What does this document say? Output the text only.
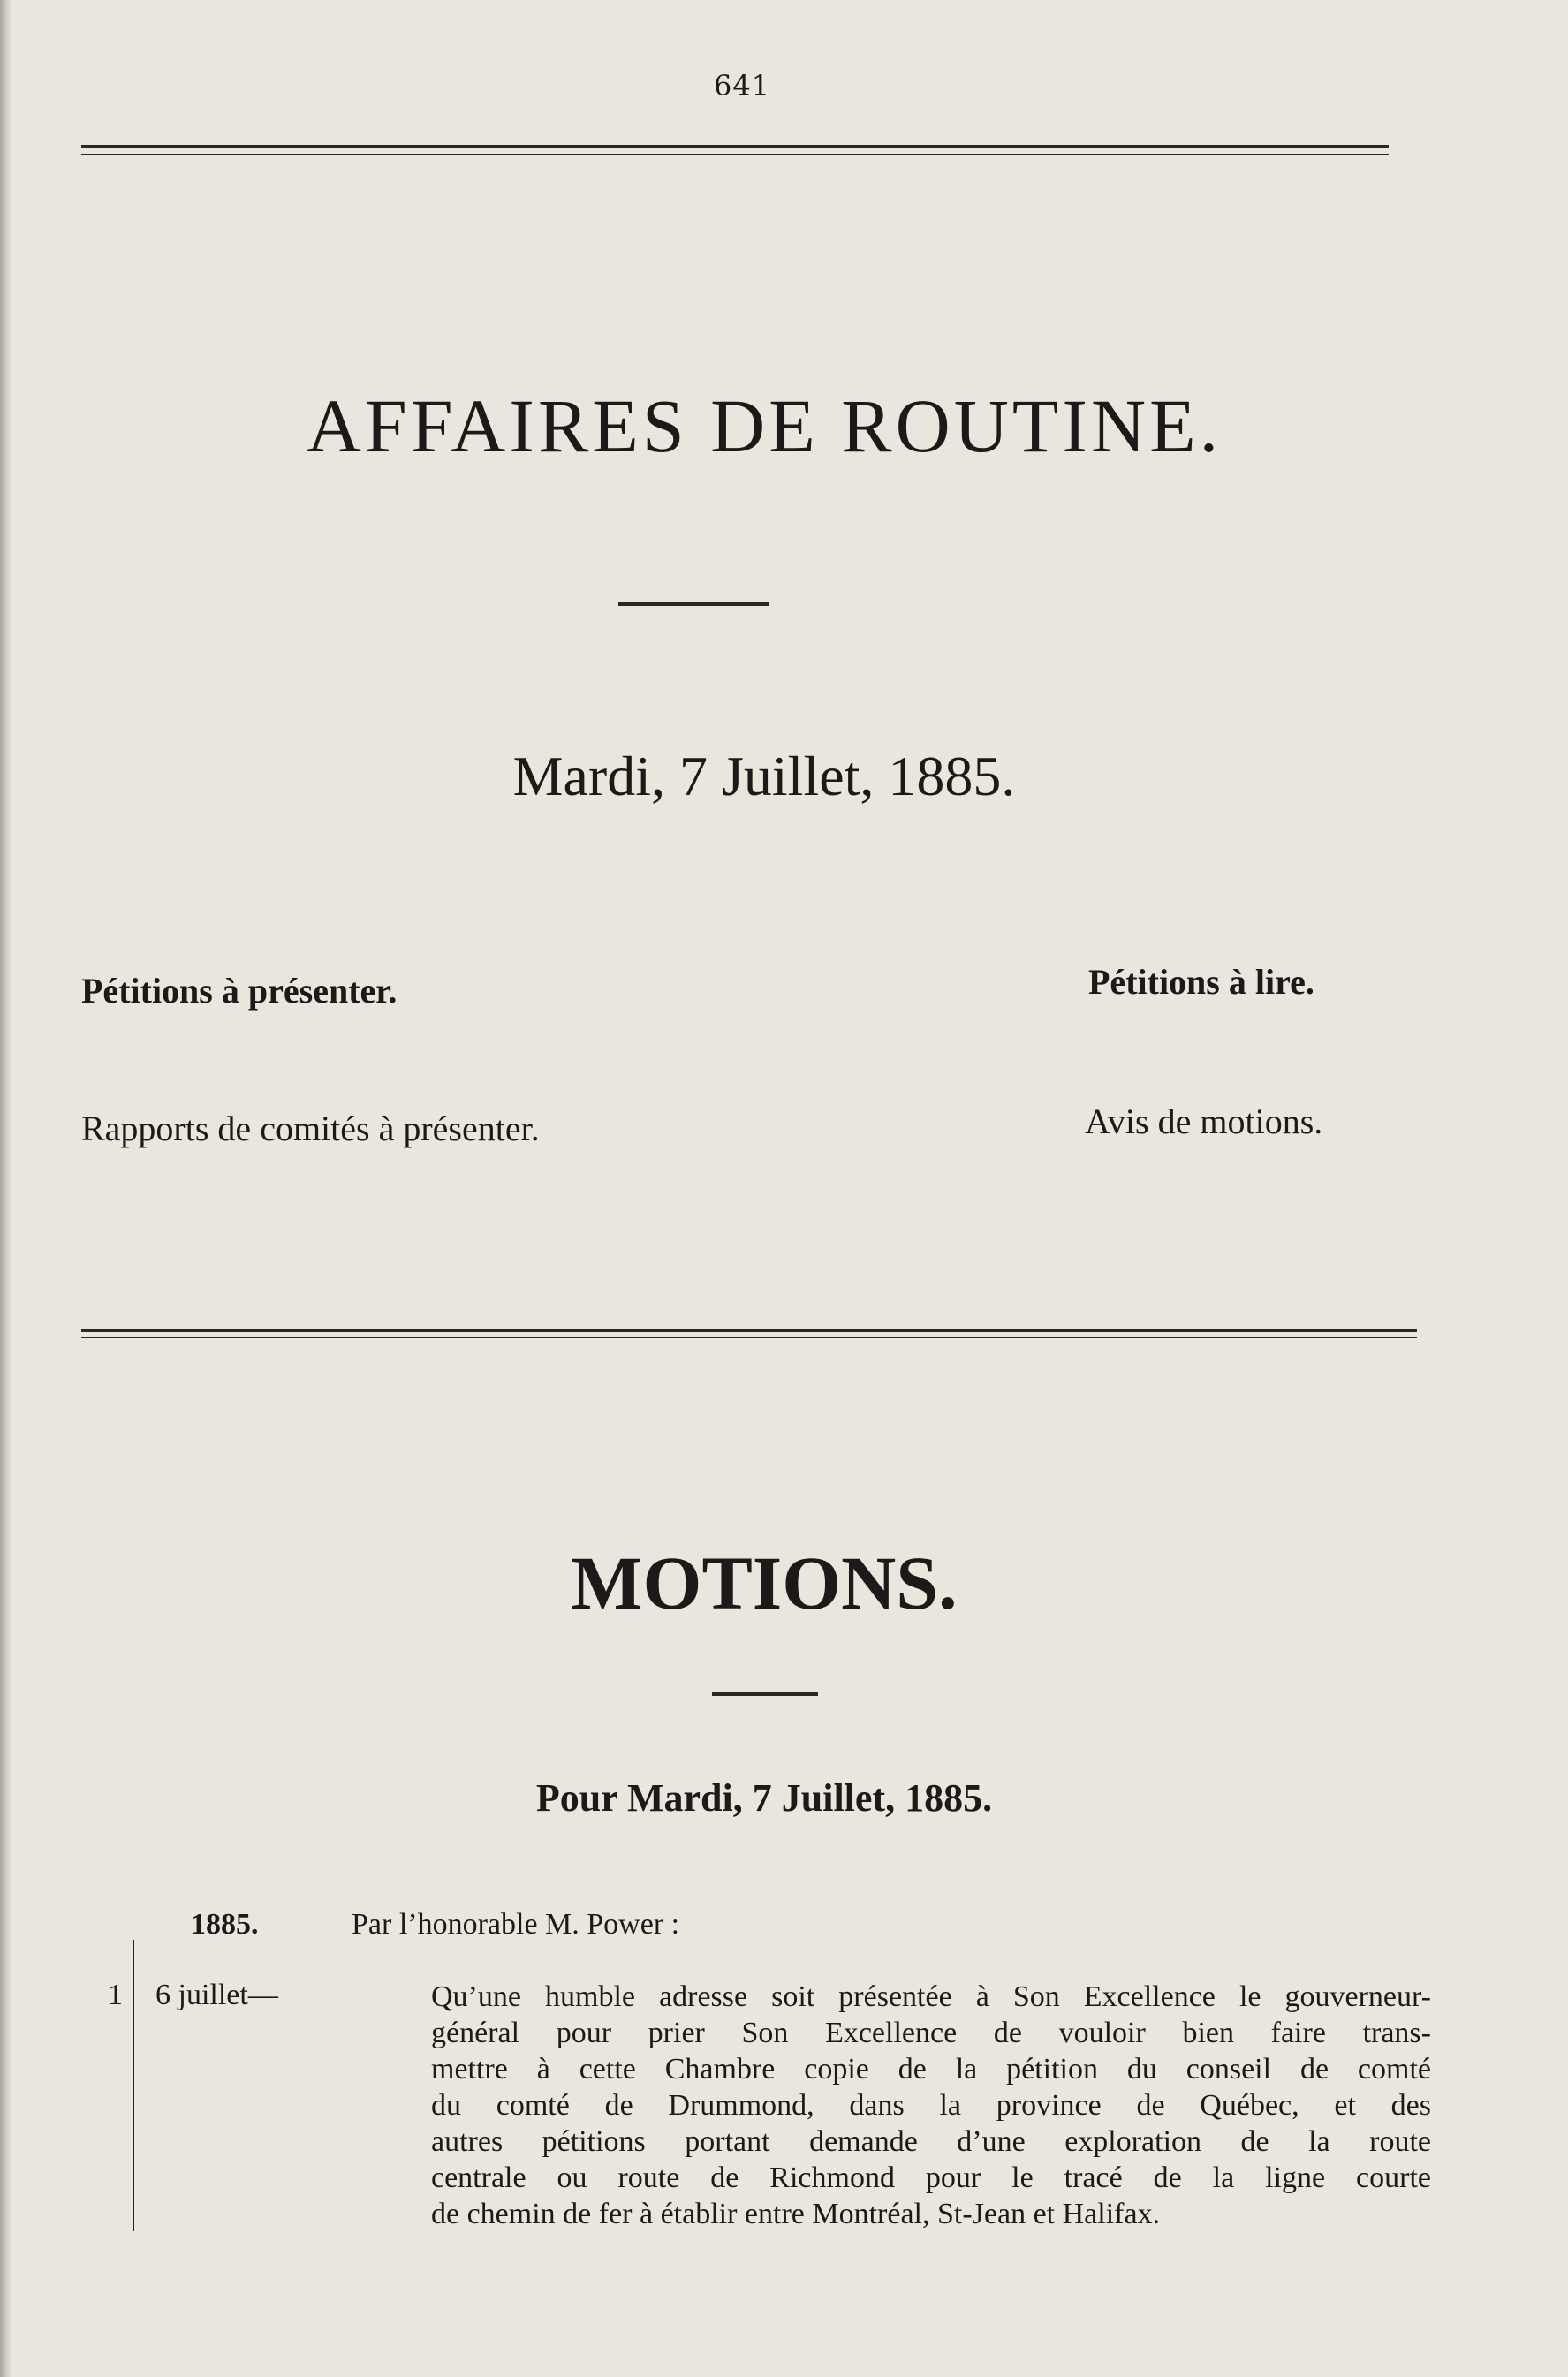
641
AFFAIRES DE ROUTINE.
Mardi, 7 Juillet, 1885.
Pétitions à présenter.	Pétitions à lire.
Rapports de comités à présenter.	Avis de motions.
MOTIONS.
Pour Mardi, 7 Juillet, 1885.
1885.	Par l’honorable M. Power :
1 6 juillet—	Qu’une humble adresse soit présentée à Son Excellence le gouverneur-
général pour prier Son Excellence de vouloir bien faire trans-
mettre à cette Chambre copie de la pétition du conseil de comté
du comté de Drummond, dans la province de Québec, et des
autres pétitions portant demande d’une exploration de la route
centrale ou route de Richmond pour le tracé de la ligne courte
de chemin de fer à établir entre Montréal, St-Jean et Halifax.
